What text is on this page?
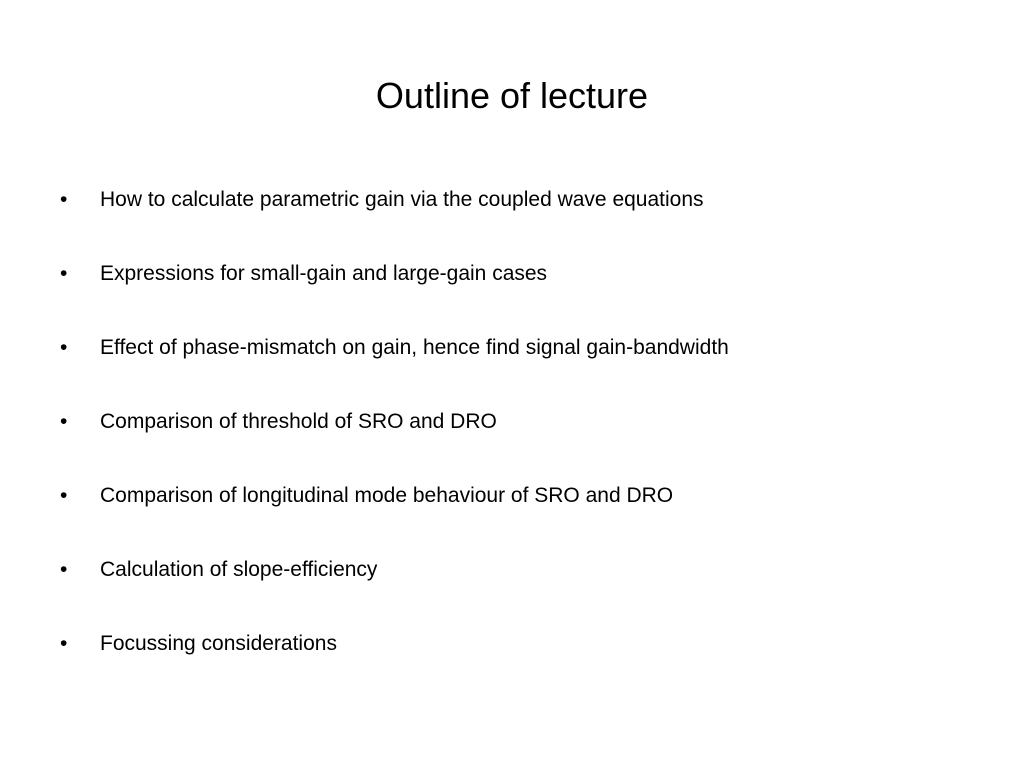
Outline of lecture
•	How to calculate parametric gain via the coupled wave equations
•	Expressions for small-gain and large-gain cases
•	Effect of phase-mismatch on gain, hence find signal gain-bandwidth
•	Comparison of threshold of SRO and DRO
•	Comparison of longitudinal mode behaviour of SRO and DRO
•	Calculation of slope-efficiency
•	Focussing considerations
